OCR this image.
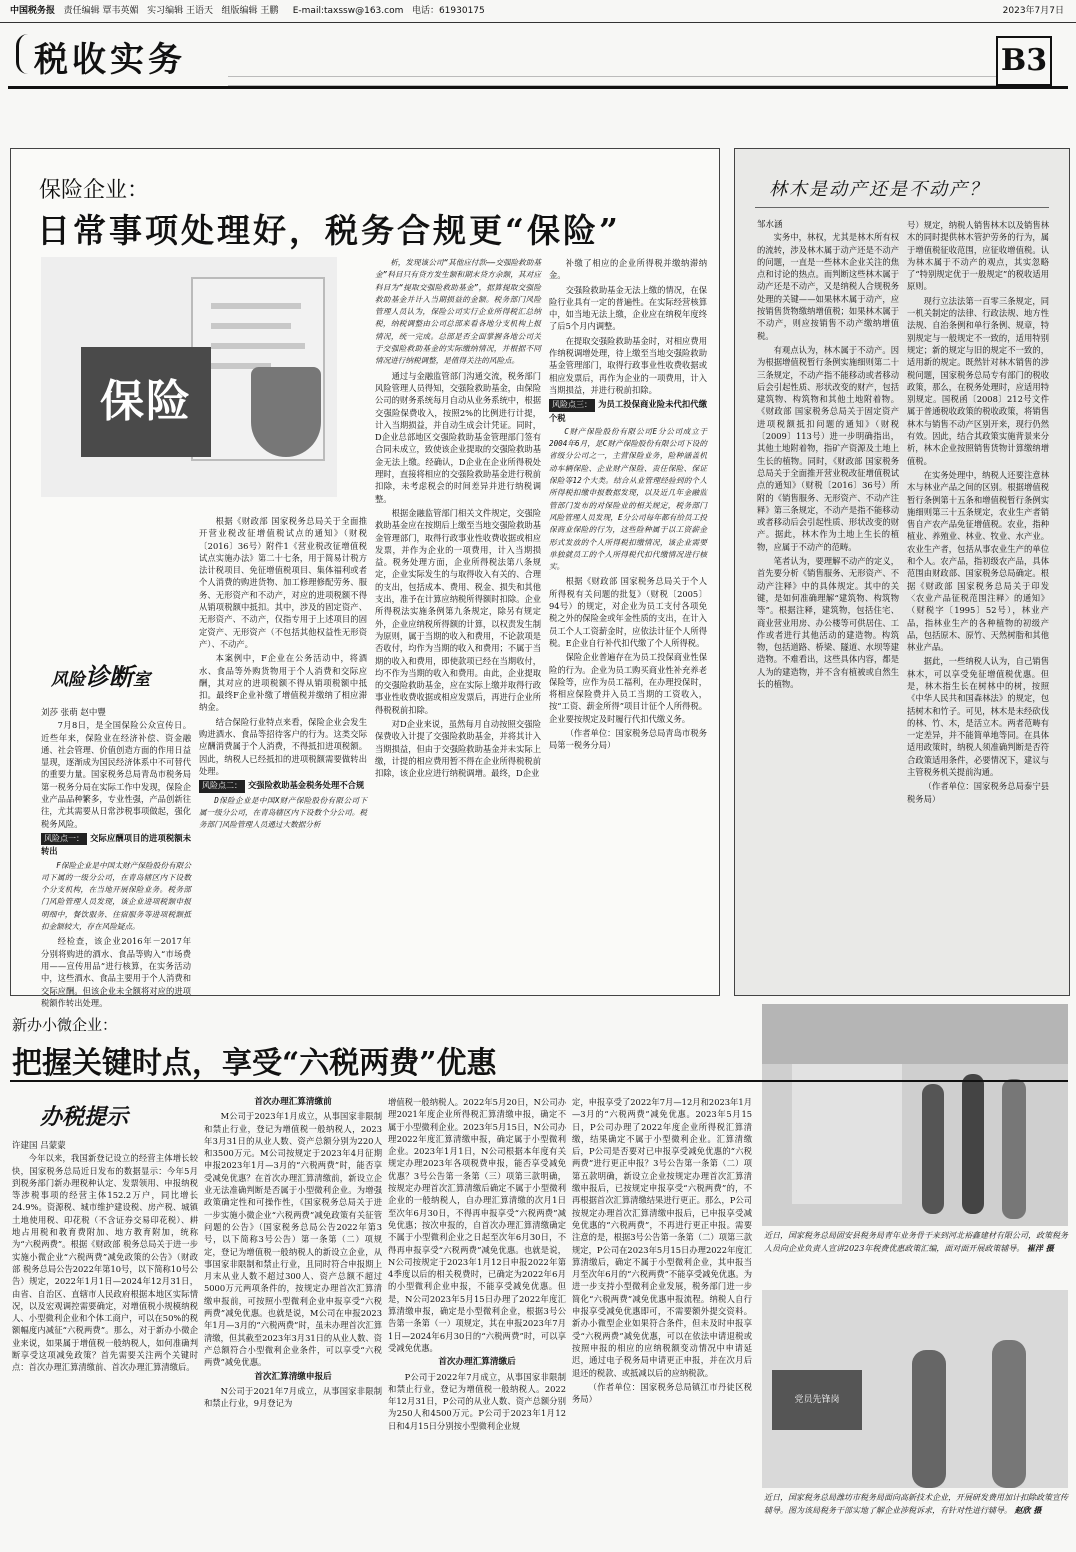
中国税务报 责任编辑 覃韦英媚 实习编辑 王语天 组版编辑 王鹏 E-mail:taxssw@163.com 电话：61930175	2023年7月7日
税收实务	B3
保险企业：
日常事项处理好，税务合规更“保险”
保险
风险诊断室
刘莎 张萌 赵中豐

7月8日，是全国保险公众宣传日。近些年来，保险业在经济补偿、资金融通、社会管理、价值创造方面的作用日益显现，逐渐成为国民经济体系中不可替代的重要力量。国家税务总局青岛市税务局第一税务分局在实际工作中发现，保险企业产品品种繁多，专业性强，产品创新往往，尤其需要从日常涉税事项做起，强化税务风险。

风险点一： 交际应酬项目的进项税额未转出

F保险企业是中国太财产保险股份有限公司下属的一级分公司，在青岛辖区内下设数个分支机构，在当地开展保险业务。税务部门风险管理人员发现，该企业进项税额申报明细中，餐饮服务、住宿服务等进项税额抵扣金额较大，存在风险疑点。

经检查，该企业2016年－2017年分别将购进的酒水、食品等购入“市场费用——宣传用品”进行核算，在实务活动中，这些酒水、食品主要用于个人消费和交际应酬。但该企业未全额将对应的进项税额作转出处理。

根据《财政部 国家税务总局关于全面推开营业税改征增值税试点的通知》（财税〔2016〕36号）附件1《营业税改征增值税试点实施办法》第二十七条，用于简易计税方法计税项目、免征增值税项目、集体福利或者个人消费的购进货物、加工修理修配劳务、服务、无形资产和不动产，对应的进项税额不得从销项税额中抵扣。其中，涉及的固定资产、无形资产、不动产，仅指专用于上述项目的固定资产、无形资产（不包括其他权益性无形资产）、不动产。

本案例中，F企业在公务活动中，将酒水、食品等外购货物用于个人消费和交际应酬，其对应的进项税额不得从销项税额中抵扣。最终F企业补缴了增值税并缴纳了相应滞纳金。

结合保险行业特点来看，保险企业会发生购进酒水、食品等招待客户的行为。这类交际应酬消费属于个人消费，不得抵扣进项税额。因此，纳税人已经抵扣的进项税额需要做转出处理。

风险点二： 交强险救助基金税务处理不合规

D保险企业是中国X财产保险股份有限公司下属一级分公司，在青岛辖区内下设数个分公司。税务部门风险管理人员通过大数据分析

析，发现该公司“其他应付款——交强险救助基金”科目只有贷方发生额和期末贷方余额，其对应科目为“提取交强险救助基金”，据算提取交强险救助基金并计入当期损益的金额。税务部门风险管理人员认为，保险公司实行企业所得税汇总纳税，纳税调整由公司总部来看各地分支机构上报情况，统一完成。总部是否全面掌握各地公司关于交强险救助基金的实际缴纳情况，并根据不同情况进行纳税调整，是值得关注的风险点。

通过与金融监管部门沟通交流，税务部门风险管理人员得知，交强险救助基金，由保险公司的财务系统每月自动从业务系统中，根据交强险保费收入，按照2%的比例进行计提，计入当期损益，并自动生成会计凭证。同时，D企业总部地区交强险救助基金管理部门签有合同未成立，致使该企业提取的交强险救助基金无法上缴。经确认，D企业在企业所得税处理时，直接将相应的交强险救助基金进行税前扣除，未考虑税会的时间差异并进行纳税调整。

根据金融监管部门相关文件规定，交强险救助基金应在按期后上缴至当地交强险救助基金管理部门，取得行政事业性收费收据或相应发票，并作为企业的一项费用，计入当期损益。税务处理方面，企业所得税法第八条规定，企业实际发生的与取得收入有关的、合理的支出，包括成本、费用、税金、损失和其他支出，准予在计算应纳税所得额时扣除。企业所得税法实施条例第九条规定，除另有规定外，企业应纳税所得额的计算，以权责发生制为原则，属于当期的收入和费用，不论款项是否收付，均作为当期的收入和费用；不属于当期的收入和费用，即使款项已经在当期收付，均不作为当期的收入和费用。由此，企业提取的交强险救助基金，应在实际上缴并取得行政事业性收费收据或相应发票后，再进行企业所得税税前扣除。

对D企业来说，虽然每月自动按照交强险保费收入计提了交强险救助基金，并将其计入当期损益，但由于交强险救助基金并未实际上缴，计提的相应费用暂不得在企业所得税税前扣除，该企业应进行纳税调增。最终，D企业

补缴了相应的企业所得税并缴纳滞纳金。

交强险救助基金无法上缴的情况，在保险行业具有一定的普遍性。在实际经营核算中，如当地无法上缴，企业应在纳税年度终了后5个月内调整。

在提取交强险救助基金时，对相应费用作纳税调增处理，待上缴至当地交强险救助基金管理部门，取得行政事业性收费收据或相应发票后，再作为企业的一项费用，计入当期损益，并进行税前扣除。

风险点三： 为员工投保商业险未代扣代缴个税

C财产保险股份有限公司E分公司成立于2004年6月，是C财产保险股份有限公司下设的省级分公司之一，主营保险业务，险种涵盖机动车辆保险、企业财产保险、责任保险、保证保险等12个大类。结合从业管理经验到的个人所得税扣缴申报数据发现，以及近几年金融监管部门发布的对保险业的相关规定，税务部门风险管理人员发现，E分公司每年都有给员工投保商业保险的行为，这些险种属于以工资薪金形式发放的个人所得税扣缴情况，该企业需要单独就员工的个人所得税代扣代缴情况进行核实。

根据《财政部 国家税务总局关于个人所得税有关问题的批复》（财税〔2005〕94号）的规定，对企业为员工支付各项免税之外的保险金或年金性质的支出，在计入员工个人工资薪金时，应依法计征个人所得税。E企业自行补代扣代缴了个人所得税。

保险企业普遍存在为员工投保商业性保险的行为。企业为员工购买商业性补充养老保险等，应作为员工福利，在办理投保时，将相应保险费并入员工当期的工资收入，按“工资、薪金所得”项目计征个人所得税。企业要按规定及时履行代扣代缴义务。

（作者单位：国家税务总局青岛市税务局第一税务分局）

林木是动产还是不动产？
邹水涵

实务中，林权，尤其是林木所有权的流转，涉及林木属于动产还是不动产的问题，一直是一些林木企业关注的焦点和讨论的热点。而判断这些林木属于动产还是不动产，又是纳税人合规税务处理的关键——如果林木属于动产，应按销售货物缴纳增值税；如果林木属于不动产，则应按销售不动产缴纳增值税。

有观点认为，林木属于不动产。因为根据增值税暂行条例实施细则第二十三条规定，不动产指不能移动或者移动后会引起性质、形状改变的财产，包括建筑物、构筑物和其他土地附着物。《财政部 国家税务总局关于固定资产进项税额抵扣问题的通知》（财税〔2009〕113号）进一步明确指出，其他土地附着物，指矿产资源及土地上生长的植物。同时，《财政部 国家税务总局关于全面推开营业税改征增值税试点的通知》（财税〔2016〕36号）所附的《销售服务、无形资产、不动产注释》第三条规定，不动产是指不能移动或者移动后会引起性质、形状改变的财产。据此，林木作为土地上生长的植物，应属于不动产的范畴。

笔者认为，要理解不动产的定义，首先要分析《销售服务、无形资产、不动产注释》中的具体规定。其中的关键，是如何准确理解“建筑物、构筑物等”。根据注释，建筑物，包括住宅、商业营业用房、办公楼等可供居住、工作或者进行其他活动的建造物。构筑物，包括道路、桥梁、隧道、水坝等建造物。不难看出，这些具体内容，都是人为的建造物，并不含有植被或自然生长的植物。

号）规定，纳税人销售林木以及销售林木的同时提供林木管护劳务的行为，属于增值税征收范围，应征收增值税。认为林木属于不动产的观点，其实忽略了“特别规定优于一般规定”的税收适用原则。

现行立法法第一百零三条规定，同一机关制定的法律、行政法规、地方性法规、自治条例和单行条例、规章，特别规定与一般规定不一致的，适用特别规定；新的规定与旧的规定不一致的，适用新的规定。既然针对林木销售的涉税问题，国家税务总局专有部门的税收政策，那么，在税务处理时，应适用特别规定。国税函〔2008〕212号文件属于普通税收政策的税收政策，将销售林木与销售不动产区别开来，现行仍然有效。因此，结合其政策实施背景来分析，林木企业按照销售货物计算缴纳增值税。

在实务处理中，纳税人还要注意林木与林业产品之间的区别。根据增值税暂行条例第十五条和增值税暂行条例实施细则第三十五条规定，农业生产者销售自产农产品免征增值税。农业，指种植业、养殖业、林业、牧业、水产业。农业生产者，包括从事农业生产的单位和个人。农产品，指初级农产品，具体范围由财政部、国家税务总局确定。根据《财政部 国家税务总局关于印发〈农业产品征税范围注释〉的通知》（财税字〔1995〕52号），林业产品，指林业生产的各种植物的初级产品，包括原木、原竹、天然树脂和其他林业产品。

据此，一些纳税人认为，自己销售林木，可以享受免征增值税优惠。但是，林木指生长在树林中的树，按照《中华人民共和国森林法》的规定，包括树木和竹子。可见，林木是未经砍伐的林、竹、木，是活立木。两者范畴有一定差异，并不能简单地等同。在具体适用政策时，纳税人须准确判断是否符合政策适用条件，必要情况下，建议与主管税务机关提前沟通。

（作者单位：国家税务总局泰宁县税务局）

近日，国家税务总局固安县税务局青年业务骨干来到河北裕鑫建材有限公司，政策税务人员向企业负责人宣讲2023年税费优惠政策汇编，面对面开展政策辅导。 崔洋 摄
党员先锋岗
近日，国家税务总局潍坊市税务局面向高新技术企业，开展研发费用加计扣除政策宣传辅导。图为该局税务干部实地了解企业涉税诉求，有针对性进行辅导。 赵欣 摄
新办小微企业：
把握关键时点，享受“六税两费”优惠
办税提示
许建国 吕蒙蒙

今年以来，我国新登记设立的经营主体增长较快，国家税务总局近日发布的数据显示：今年5月到税务部门新办理税种认定、发票领用、申报纳税等涉税事项的经营主体152.2万户，同比增长24.9%。资源税、城市维护建设税、房产税、城镇土地使用税、印花税（不含证券交易印花税）、耕地占用税和教育费附加、地方教育附加，统称为“六税两费”。根据《财政部 税务总局关于进一步实施小微企业“六税两费”减免政策的公告》（财政部 税务总局公告2022年第10号，以下简称10号公告）规定，2022年1月1日—2024年12月31日，由省、自治区、直辖市人民政府根据本地区实际情况，以及宏观调控需要确定，对增值税小规模纳税人、小型微利企业和个体工商户，可以在50%的税额幅度内减征“六税两费”。那么，对于新办小微企业来说，如果属于增值税一般纳税人，如何准确判断享受这项减免政策？首先需要关注两个关键时点：首次办理汇算清缴前、首次办理汇算清缴后。

首次办理汇算清缴前

M公司于2023年1月成立，从事国家非限制和禁止行业，登记为增值税一般纳税人，2023年3月31日的从业人数、资产总额分别为220人和3500万元。M公司按规定于2023年4月征期申报2023年1月—3月的“六税两费”时，能否享受减免优惠？在首次办理汇算清缴前，新设立企业无法准确判断是否属于小型微利企业。为增强政策确定性和可操作性，《国家税务总局关于进一步实施小微企业“六税两费”减免政策有关征管问题的公告》（国家税务总局公告2022年第3号，以下简称3号公告）第一条第（二）项规定，登记为增值税一般纳税人的新设立企业，从事国家非限制和禁止行业，且同时符合申报期上月末从业人数不超过300人、资产总额不超过5000万元两项条件的，按规定办理首次汇算清缴申报前，可按照小型微利企业申报享受“六税两费”减免优惠。也就是说，M公司在申报2023年1月—3月的“六税两费”时，虽未办理首次汇算清缴，但其截至2023年3月31日的从业人数、资产总额符合小型微利企业条件，可以享受“六税两费”减免优惠。

首次汇算清缴申报后

N公司于2021年7月成立，从事国家非限制和禁止行业，9月登记为

增值税一般纳税人。2022年5月20日，N公司办理2021年度企业所得税汇算清缴申报，确定不属于小型微利企业。2023年5月15日，N公司办理2022年度汇算清缴申报，确定属于小型微利企业。2023年1月1日，N公司根据本年度有关规定办理2023年各项税费申报，能否享受减免优惠？3号公告第一条第（三）项第三款明确，按规定办理首次汇算清缴后确定不属于小型微利企业的一般纳税人，自办理汇算清缴的次月1日至次年6月30日，不得再申报享受“六税两费”减免优惠；按次申报的，自首次办理汇算清缴确定不属于小型微利企业之日起至次年6月30日，不得再申报享受“六税两费”减免优惠。也就是说，N公司按规定于2023年1月12日申报2022年第4季度以后的相关税费时，已确定为2022年6月的小型微利企业申报，不能享受减免优惠。但是，N公司2023年5月15日办理了2022年度汇算清缴申报，确定是小型微利企业，根据3号公告第一条第（一）项规定，其在申报2023年7月1日—2024年6月30日的“六税两费”时，可以享受减免优惠。

首次办理汇算清缴后

P公司于2022年7月成立，从事国家非限制和禁止行业，登记为增值税一般纳税人。2022年12月31日，P公司的从业人数、资产总额分别为250人和4500万元。P公司于2023年1月12日和4月15日分别按小型微利企业规

定，申报享受了2022年7月—12月和2023年1月—3月的“六税两费”减免优惠。2023年5月15日，P公司办理了2022年度企业所得税汇算清缴，结果确定不属于小型微利企业。汇算清缴后，P公司是否要对已申报享受减免优惠的“六税两费”进行更正申报？3号公告第一条第（二）项第五款明确，新设立企业按规定办理首次汇算清缴申报后，已按规定申报享受“六税两费”的，不再根据首次汇算清缴结果进行更正。那么，P公司按规定办理首次汇算清缴申报后，已申报享受减免优惠的“六税两费”，不再进行更正申报。需要注意的是，根据3号公告第一条第（二）项第三款规定，P公司在2023年5月15日办理2022年度汇算清缴后，确定不属于小型微利企业，其申报当月至次年6月的“六税两费”不能享受减免优惠。为进一步支持小型微利企业发展，税务部门进一步简化“六税两费”减免优惠申报流程。纳税人自行申报享受减免优惠即可，不需要额外提交资料。新办小微型企业如果符合条件，但未及时申报享受“六税两费”减免优惠，可以在依法申请退税或按照申报的相应的应纳税额变动情况中申请延迟，通过电子税务局申请更正申报，并在次月后退还的税款、或抵减以后的应纳税款。

（作者单位：国家税务总局镇江市丹徒区税务局）
